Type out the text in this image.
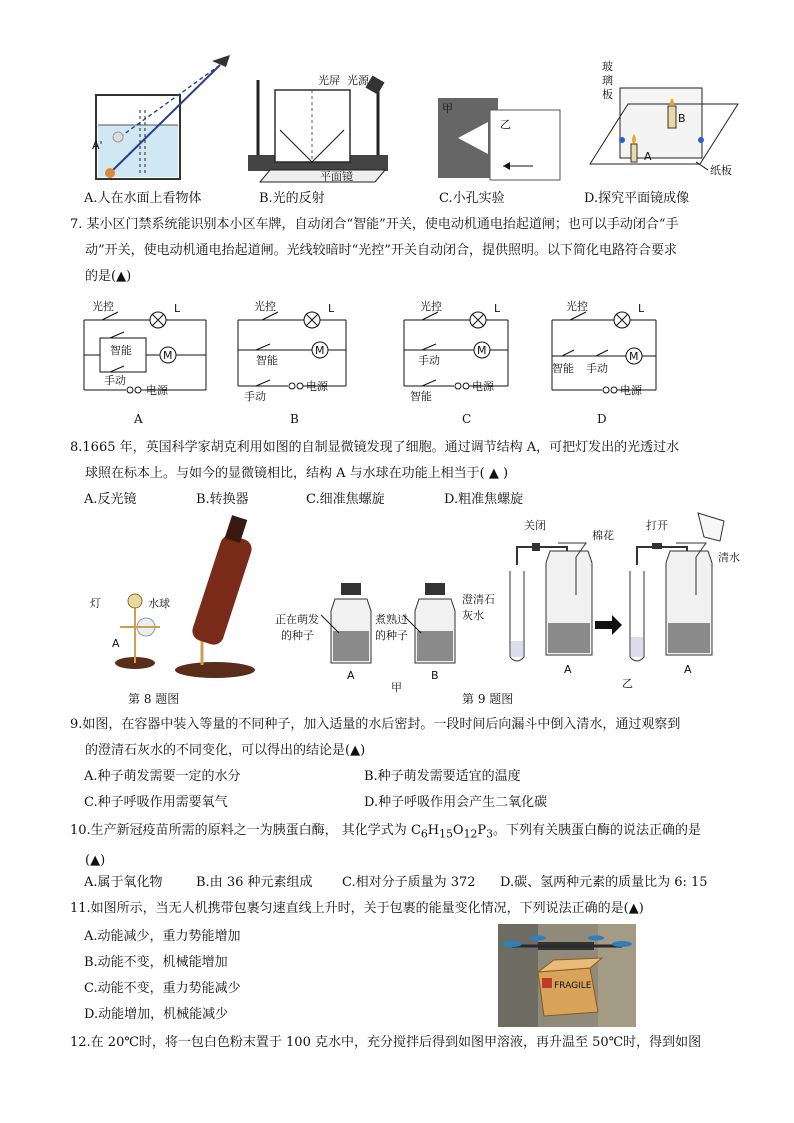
A'
光屏 光源
平面镜
甲
乙
玻
璃
板
B
A
纸板
A.人在水面上看物体	B.光的反射	C.小孔实验	D.探究平面镜成像
7. 某小区门禁系统能识别本小区车牌，自动闭合“智能”开关，使电动机通电抬起道闸；也可以手动闭合“手
动”开关，使电动机通电抬起道闸。光线较暗时“光控”开关自动闭合，提供照明。以下简化电路符合要求
的是(▲)
光控	L
智能	M
手动
电源
光控	L
智能
M
手动
电源
光控	L
手动
M
智能
电源
光控	L
智能 手动
M
电源
A	B	C	D
8.1665 年，英国科学家胡克利用如图的自制显微镜发现了细胞。通过调节结构 A，可把灯发出的光透过水
球照在标本上。与如今的显微镜相比，结构 A 与水球在功能上相当于( ▲ )
A.反光镜	B.转换器	C.细准焦螺旋	D.粗准焦螺旋
灯	水球
A
第 8 题图
正在萌发
的种子
煮熟过
的种子
A	B
甲
关闭
棉花
澄清石
灰水
打开
清水
A	A
乙
第 9 题图
9.如图，在容器中装入等量的不同种子，加入适量的水后密封。一段时间后向漏斗中倒入清水，通过观察到
的澄清石灰水的不同变化，可以得出的结论是(▲)
A.种子萌发需要一定的水分	B.种子萌发需要适宜的温度
C.种子呼吸作用需要氧气	D.种子呼吸作用会产生二氧化碳
10.生产新冠疫苗所需的原料之一为胰蛋白酶， 其化学式为 $C_6H_{15}O_{12}P_3$。下列有关胰蛋白酶的说法正确的是
(▲)
A.属于氧化物	B.由 36 种元素组成 C.相对分子质量为 372 D.碳、氢两种元素的质量比为 6: 15
11.如图所示，当无人机携带包裹匀速直线上升时，关于包裹的能量变化情况，下列说法正确的是(▲)
A.动能减少，重力势能增加
B.动能不变，机械能增加
C.动能不变，重力势能减少
D.动能增加，机械能减少
FRAGILE
12.在 20℃时，将一包白色粉末置于 100 克水中，充分搅拌后得到如图甲溶液，再升温至 50℃时，得到如图
